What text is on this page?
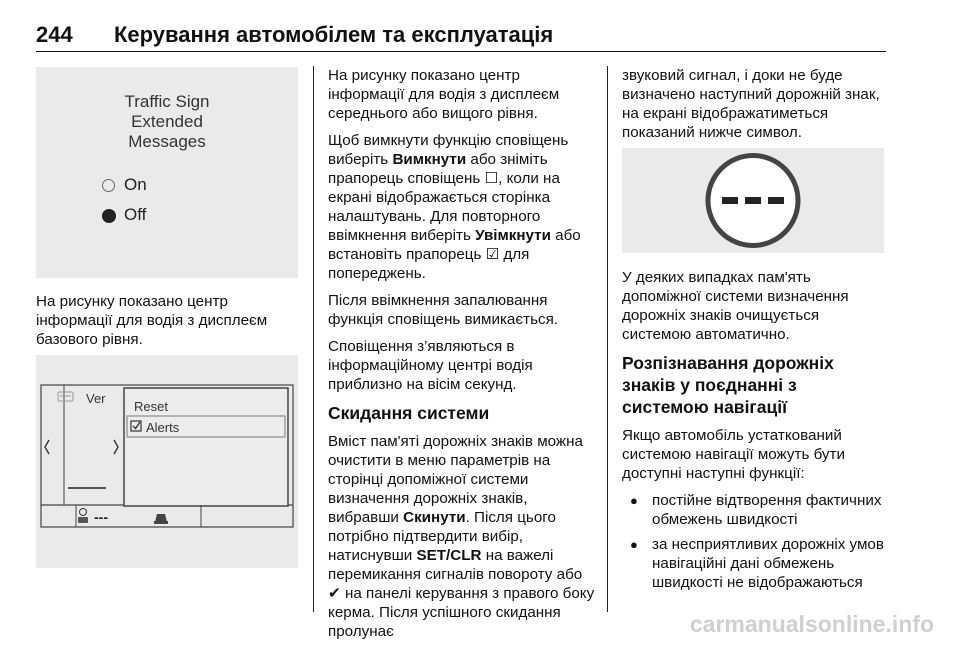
244 Керування автомобілем та експлуатація
Traffic Sign
Extended
Messages
On
Off

На рисунку показано центр інформації для водія з дисплеєм базового рівня.

Ver
Reset
Alerts
---

На рисунку показано центр інформації для водія з дисплеєм середнього або вищого рівня.

Щоб вимкнути функцію сповіщень виберіть Вимкнути або зніміть прапорець сповіщень ☐, коли на екрані відображається сторінка налаштувань. Для повторного ввімкнення виберіть Увімкнути або встановіть прапорець ☑ для попереджень.

Після ввімкнення запалювання функція сповіщень вимикається.

Сповіщення з’являються в інформаційному центрі водія приблизно на вісім секунд.

Скидання системи

Вміст пам'яті дорожніх знаків можна очистити в меню параметрів на сторінці допоміжної системи визначення дорожніх знаків, вибравши Скинути. Після цього потрібно підтвердити вибір, натиснувши SET/CLR на важелі перемикання сигналів повороту або ✔ на панелі керування з правого боку керма. Після успішного скидання пролунає

звуковий сигнал, і доки не буде визначено наступний дорожній знак, на екрані відображатиметься показаний нижче символ.

У деяких випадках пам'ять допоміжної системи визначення дорожніх знаків очищується системою автоматично.

Розпізнавання дорожніх знаків у поєднанні з системою навігації

Якщо автомобіль устаткований системою навігації можуть бути доступні наступні функції:

● постійне відтворення фактичних обмежень швидкості
● за несприятливих дорожніх умов навігаційні дані обмежень швидкості не відображаються
carmanualsonline.info
